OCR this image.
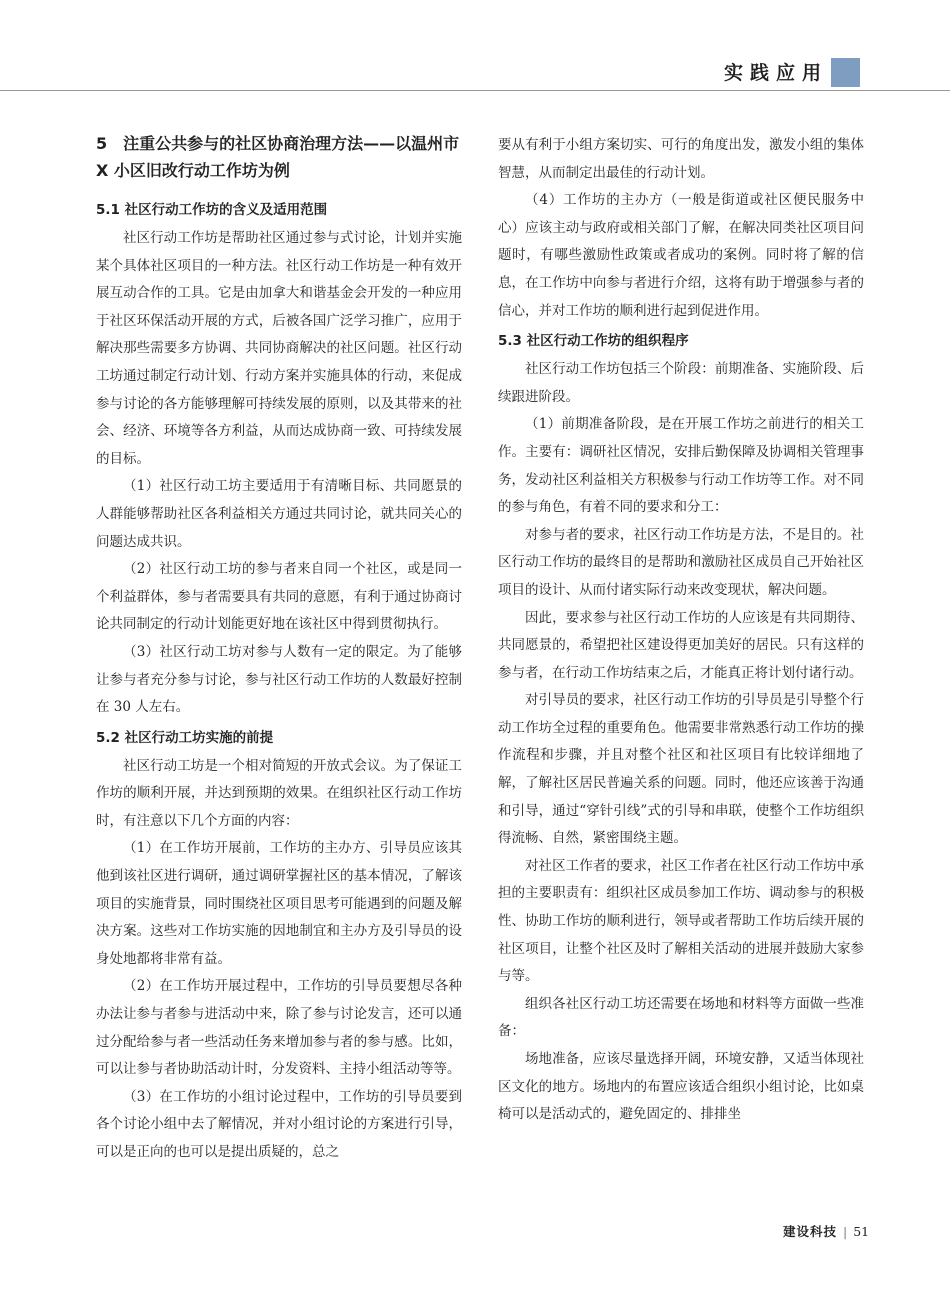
实践应用
5　注重公共参与的社区协商治理方法——以温州市 X 小区旧改行动工作坊为例
5.1 社区行动工作坊的含义及适用范围

社区行动工作坊是帮助社区通过参与式讨论，计划并实施某个具体社区项目的一种方法。社区行动工作坊是一种有效开展互动合作的工具。它是由加拿大和谐基金会开发的一种应用于社区环保活动开展的方式，后被各国广泛学习推广，应用于解决那些需要多方协调、共同协商解决的社区问题。社区行动工坊通过制定行动计划、行动方案并实施具体的行动，来促成参与讨论的各方能够理解可持续发展的原则，以及其带来的社会、经济、环境等各方利益，从而达成协商一致、可持续发展的目标。

（1）社区行动工坊主要适用于有清晰目标、共同愿景的人群能够帮助社区各利益相关方通过共同讨论，就共同关心的问题达成共识。

（2）社区行动工坊的参与者来自同一个社区，或是同一个利益群体，参与者需要具有共同的意愿，有利于通过协商讨论共同制定的行动计划能更好地在该社区中得到贯彻执行。

（3）社区行动工坊对参与人数有一定的限定。为了能够让参与者充分参与讨论，参与社区行动工作坊的人数最好控制在 30 人左右。

5.2 社区行动工坊实施的前提

社区行动工坊是一个相对简短的开放式会议。为了保证工作坊的顺利开展，并达到预期的效果。在组织社区行动工作坊时，有注意以下几个方面的内容：

（1）在工作坊开展前，工作坊的主办方、引导员应该其他到该社区进行调研，通过调研掌握社区的基本情况，了解该项目的实施背景，同时围绕社区项目思考可能遇到的问题及解决方案。这些对工作坊实施的因地制宜和主办方及引导员的设身处地都将非常有益。

（2）在工作坊开展过程中，工作坊的引导员要想尽各种办法让参与者参与进活动中来，除了参与讨论发言，还可以通过分配给参与者一些活动任务来增加参与者的参与感。比如，可以让参与者协助活动计时，分发资料、主持小组活动等等。

（3）在工作坊的小组讨论过程中，工作坊的引导员要到各个讨论小组中去了解情况，并对小组讨论的方案进行引导，可以是正向的也可以是提出质疑的，总之

要从有利于小组方案切实、可行的角度出发，激发小组的集体智慧，从而制定出最佳的行动计划。

（4）工作坊的主办方（一般是街道或社区便民服务中心）应该主动与政府或相关部门了解，在解决同类社区项目问题时，有哪些激励性政策或者成功的案例。同时将了解的信息，在工作坊中向参与者进行介绍，这将有助于增强参与者的信心，并对工作坊的顺利进行起到促进作用。

5.3 社区行动工作坊的组织程序

社区行动工作坊包括三个阶段：前期准备、实施阶段、后续跟进阶段。

（1）前期准备阶段，是在开展工作坊之前进行的相关工作。主要有：调研社区情况，安排后勤保障及协调相关管理事务，发动社区利益相关方积极参与行动工作坊等工作。对不同的参与角色，有着不同的要求和分工：

对参与者的要求，社区行动工作坊是方法，不是目的。社区行动工作坊的最终目的是帮助和激励社区成员自己开始社区项目的设计、从而付诸实际行动来改变现状，解决问题。

因此，要求参与社区行动工作坊的人应该是有共同期待、共同愿景的，希望把社区建设得更加美好的居民。只有这样的参与者，在行动工作坊结束之后，才能真正将计划付诸行动。

对引导员的要求，社区行动工作坊的引导员是引导整个行动工作坊全过程的重要角色。他需要非常熟悉行动工作坊的操作流程和步骤，并且对整个社区和社区项目有比较详细地了解，了解社区居民普遍关系的问题。同时，他还应该善于沟通和引导，通过“穿针引线”式的引导和串联，使整个工作坊组织得流畅、自然，紧密围绕主题。

对社区工作者的要求，社区工作者在社区行动工作坊中承担的主要职责有：组织社区成员参加工作坊、调动参与的积极性、协助工作坊的顺利进行，领导或者帮助工作坊后续开展的社区项目，让整个社区及时了解相关活动的进展并鼓励大家参与等。

组织各社区行动工坊还需要在场地和材料等方面做一些准备：

场地准备，应该尽量选择开阔，环境安静，又适当体现社区文化的地方。场地内的布置应该适合组织小组讨论，比如桌椅可以是活动式的，避免固定的、排排坐

建设科技 | 51
